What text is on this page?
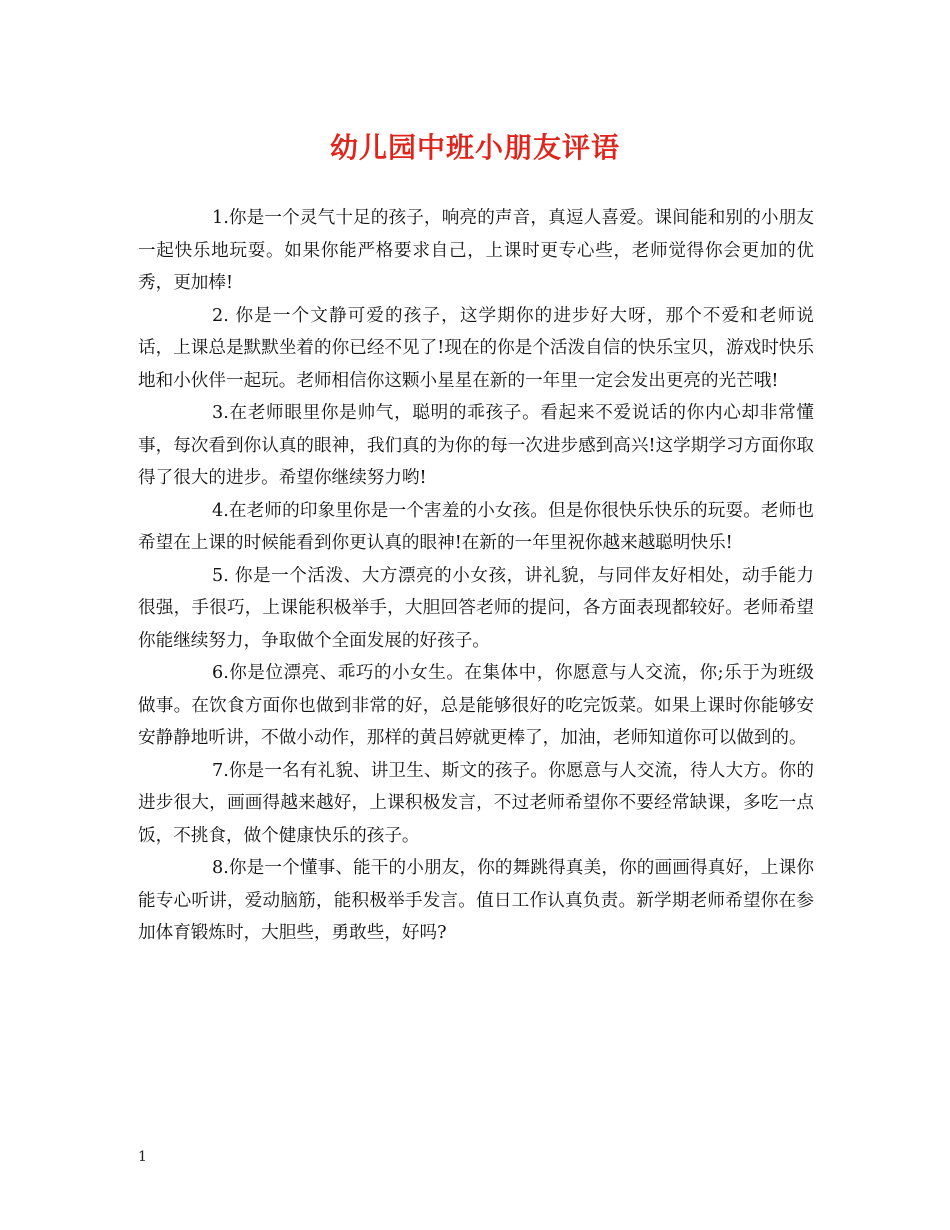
幼儿园中班小朋友评语

1.你是一个灵气十足的孩子，响亮的声音，真逗人喜爱。课间能和别的小朋友一起快乐地玩耍。如果你能严格要求自己，上课时更专心些，老师觉得你会更加的优秀，更加棒!

2. 你是一个文静可爱的孩子，这学期你的进步好大呀，那个不爱和老师说话，上课总是默默坐着的你已经不见了!现在的你是个活泼自信的快乐宝贝，游戏时快乐地和小伙伴一起玩。老师相信你这颗小星星在新的一年里一定会发出更亮的光芒哦!

3.在老师眼里你是帅气，聪明的乖孩子。看起来不爱说话的你内心却非常懂事，每次看到你认真的眼神，我们真的为你的每一次进步感到高兴!这学期学习方面你取得了很大的进步。希望你继续努力哟!

4.在老师的印象里你是一个害羞的小女孩。但是你很快乐快乐的玩耍。老师也希望在上课的时候能看到你更认真的眼神!在新的一年里祝你越来越聪明快乐!

5. 你是一个活泼、大方漂亮的小女孩，讲礼貌，与同伴友好相处，动手能力很强，手很巧，上课能积极举手，大胆回答老师的提问，各方面表现都较好。老师希望你能继续努力，争取做个全面发展的好孩子。

6.你是位漂亮、乖巧的小女生。在集体中，你愿意与人交流，你;乐于为班级做事。在饮食方面你也做到非常的好，总是能够很好的吃完饭菜。如果上课时你能够安安静静地听讲，不做小动作，那样的黄吕婷就更棒了，加油，老师知道你可以做到的。

7.你是一名有礼貌、讲卫生、斯文的孩子。你愿意与人交流，待人大方。你的进步很大，画画得越来越好，上课积极发言，不过老师希望你不要经常缺课，多吃一点饭，不挑食，做个健康快乐的孩子。

8.你是一个懂事、能干的小朋友，你的舞跳得真美，你的画画得真好，上课你能专心听讲，爱动脑筋，能积极举手发言。值日工作认真负责。新学期老师希望你在参加体育锻炼时，大胆些，勇敢些，好吗?

1
